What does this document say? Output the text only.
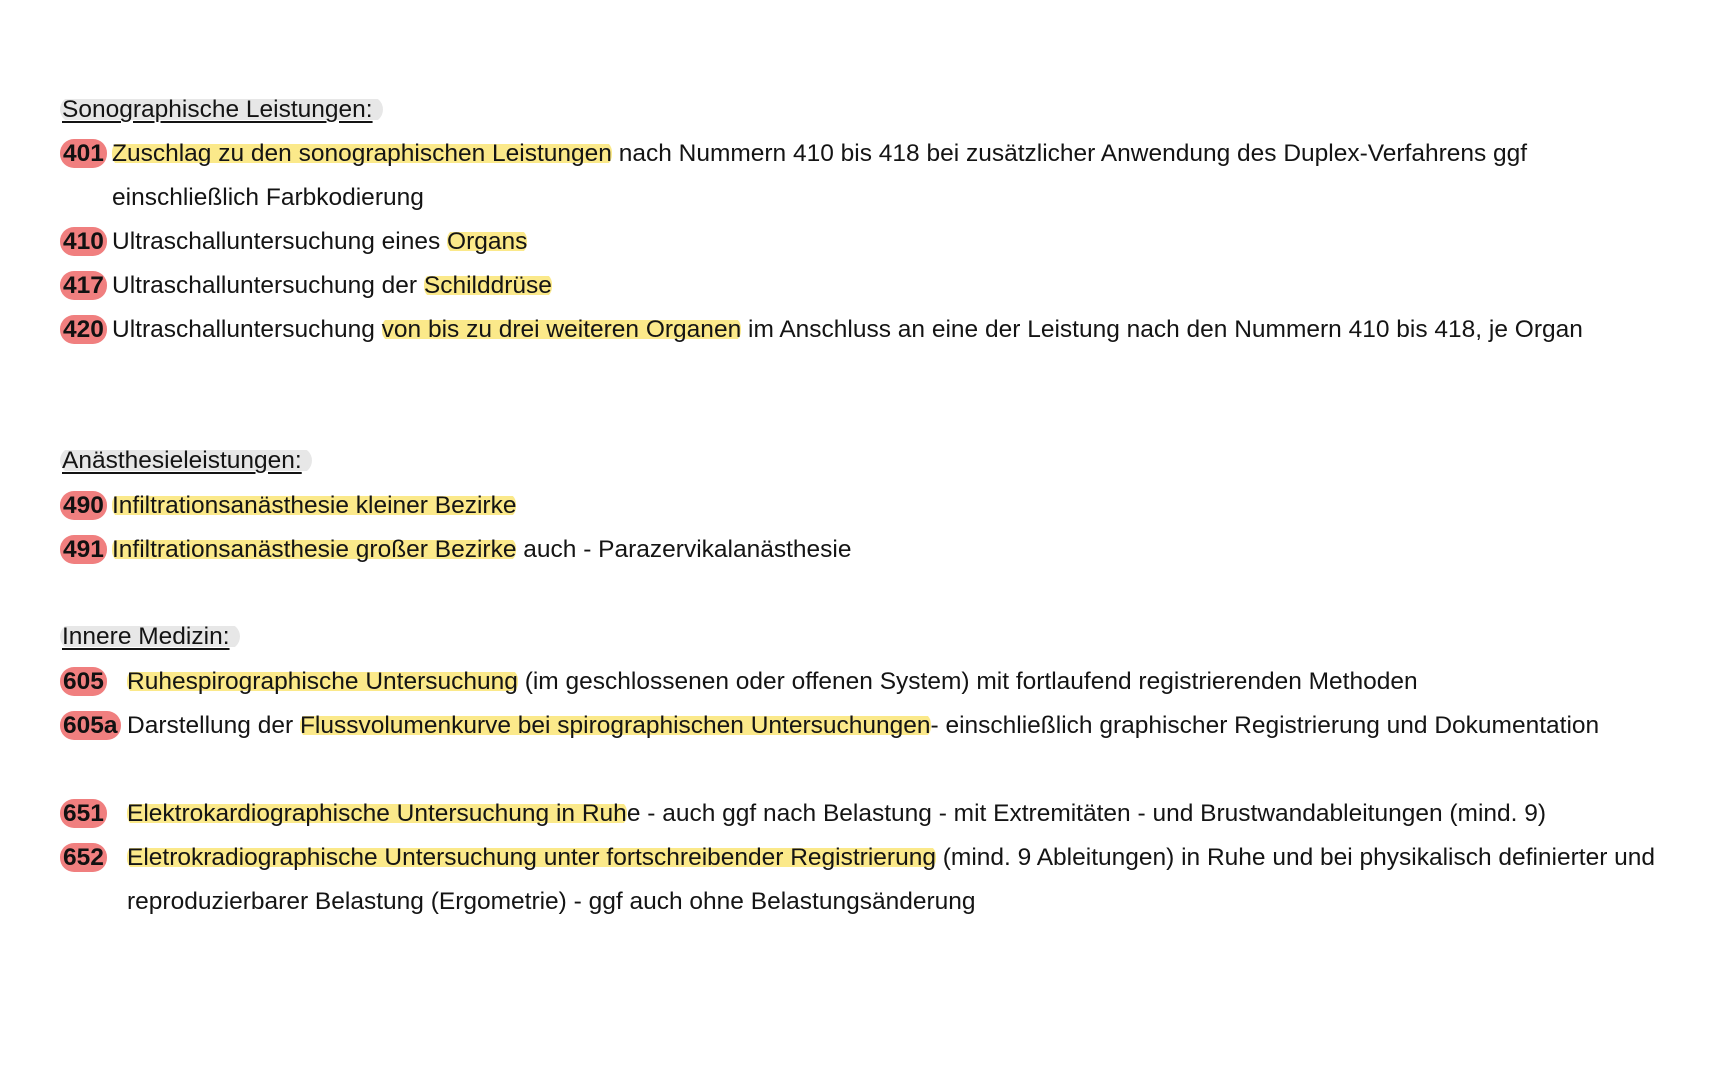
Sonographische Leistungen:
401 Zuschlag zu den sonographischen Leistungen nach Nummern 410 bis 418 bei zusätzlicher Anwendung des Duplex-Verfahrens ggf einschließlich Farbkodierung
410 Ultraschalluntersuchung eines Organs
417 Ultraschalluntersuchung der Schilddrüse
420 Ultraschalluntersuchung von bis zu drei weiteren Organen im Anschluss an eine der Leistung nach den Nummern 410 bis 418, je Organ
Anästhesieleistungen:
490 Infiltrationsanästhesie kleiner Bezirke
491 Infiltrationsanästhesie großer Bezirke auch - Parazervikalanästhesie
Innere Medizin:
605 Ruhespirographische Untersuchung (im geschlossenen oder offenen System) mit fortlaufend registrierenden Methoden
605a Darstellung der Flussvolumenkurve bei spirographischen Untersuchungen- einschließlich graphischer Registrierung und Dokumentation
651 Elektrokardiographische Untersuchung in Ruhe - auch ggf nach Belastung - mit Extremitäten - und Brustwandableitungen (mind. 9)
652 Eletrokradiographische Untersuchung unter fortschreibender Registrierung (mind. 9 Ableitungen) in Ruhe und bei physikalisch definierter und reproduzierbarer Belastung (Ergometrie) - ggf auch ohne Belastungsänderung
